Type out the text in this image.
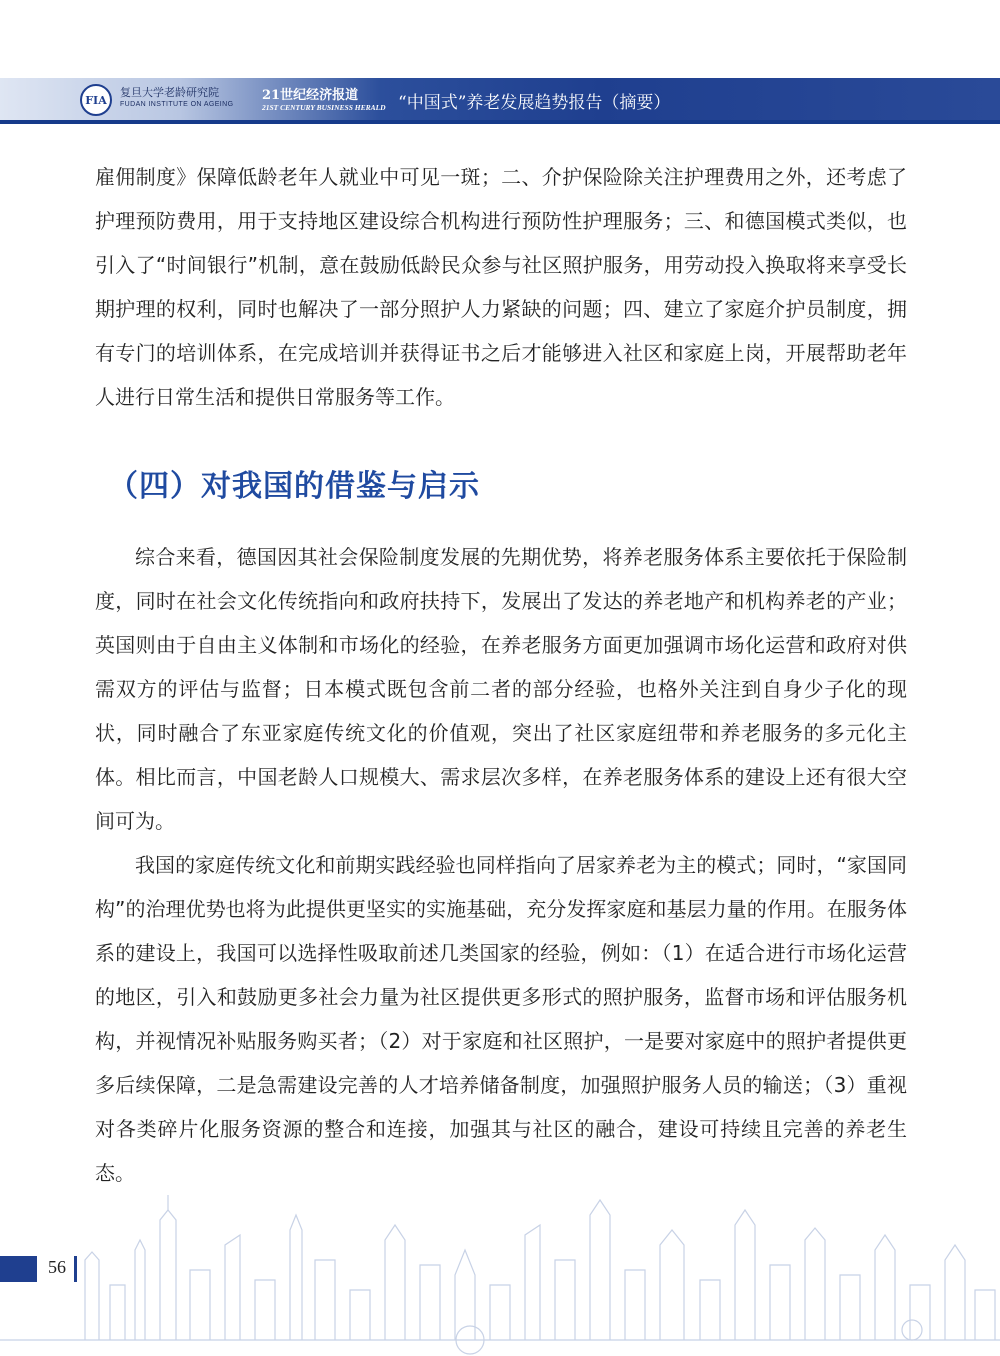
FIA
复旦大学老龄研究院
FUDAN INSTITUTE ON AGEING
21世纪经济报道
21ST CENTURY BUSINESS HERALD “中国式”养老发展趋势报告（摘要）

雇佣制度》保障低龄老年人就业中可见一斑；二、介护保险除关注护理费用之外，还考虑了护理预防费用，用于支持地区建设综合机构进行预防性护理服务；三、和德国模式类似，也引入了“时间银行”机制，意在鼓励低龄民众参与社区照护服务，用劳动投入换取将来享受长期护理的权利，同时也解决了一部分照护人力紧缺的问题；四、建立了家庭介护员制度，拥有专门的培训体系，在完成培训并获得证书之后才能够进入社区和家庭上岗，开展帮助老年人进行日常生活和提供日常服务等工作。

（四）对我国的借鉴与启示

综合来看，德国因其社会保险制度发展的先期优势，将养老服务体系主要依托于保险制度，同时在社会文化传统指向和政府扶持下，发展出了发达的养老地产和机构养老的产业；英国则由于自由主义体制和市场化的经验，在养老服务方面更加强调市场化运营和政府对供需双方的评估与监督；日本模式既包含前二者的部分经验，也格外关注到自身少子化的现状，同时融合了东亚家庭传统文化的价值观，突出了社区家庭纽带和养老服务的多元化主体。相比而言，中国老龄人口规模大、需求层次多样，在养老服务体系的建设上还有很大空间可为。

我国的家庭传统文化和前期实践经验也同样指向了居家养老为主的模式；同时，“家国同构”的治理优势也将为此提供更坚实的实施基础，充分发挥家庭和基层力量的作用。在服务体系的建设上，我国可以选择性吸取前述几类国家的经验，例如：（1）在适合进行市场化运营的地区，引入和鼓励更多社会力量为社区提供更多形式的照护服务，监督市场和评估服务机构，并视情况补贴服务购买者；（2）对于家庭和社区照护，一是要对家庭中的照护者提供更多后续保障，二是急需建设完善的人才培养储备制度，加强照护服务人员的输送；（3）重视对各类碎片化服务资源的整合和连接，加强其与社区的融合，建设可持续且完善的养老生态。

56
